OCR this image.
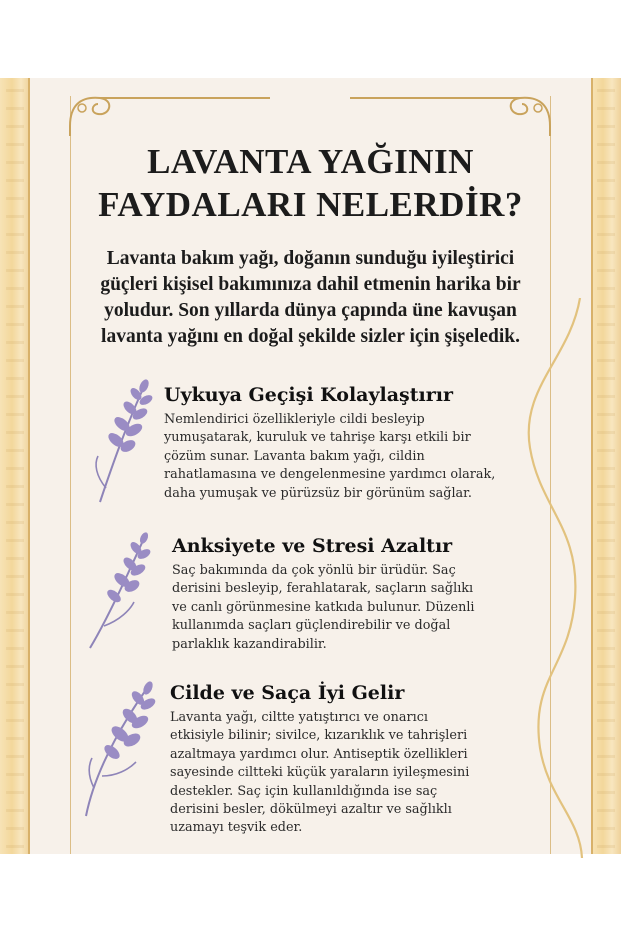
LAVANTA YAĞININ
FAYDALARI NELERDİR?
Lavanta bakım yağı, doğanın sunduğu iyileştirici
güçleri kişisel bakımınıza dahil etmenin harika bir
yoludur. Son yıllarda dünya çapında üne kavuşan
lavanta yağını en doğal şekilde sizler için şişeledik.
Uykuya Geçişi Kolaylaştırır
Nemlendirici özellikleriyle cildi besleyip
yumuşatarak, kuruluk ve tahrişe karşı etkili bir
çözüm sunar. Lavanta bakım yağı, cildin
rahatlamasına ve dengelenmesine yardımcı olarak,
daha yumuşak ve pürüzsüz bir görünüm sağlar.
Anksiyete ve Stresi Azaltır
Saç bakımında da çok yönlü bir ürüdür. Saç
derisini besleyip, ferahlatarak, saçların sağlıkı
ve canlı görünmesine katkıda bulunur. Düzenli
kullanımda saçları güçlendirebilir ve doğal
parlaklık kazandirabilir.
Cilde ve Saça İyi Gelir
Lavanta yağı, ciltte yatıştırıcı ve onarıcı
etkisiyle bilinir; sivilce, kızarıklık ve tahrişleri
azaltmaya yardımcı olur. Antiseptik özellikleri
sayesinde ciltteki küçük yaraların iyileşmesini
destekler. Saç için kullanıldığında ise saç
derisini besler, dökülmeyi azaltır ve sağlıklı
uzamayı teşvik eder.
